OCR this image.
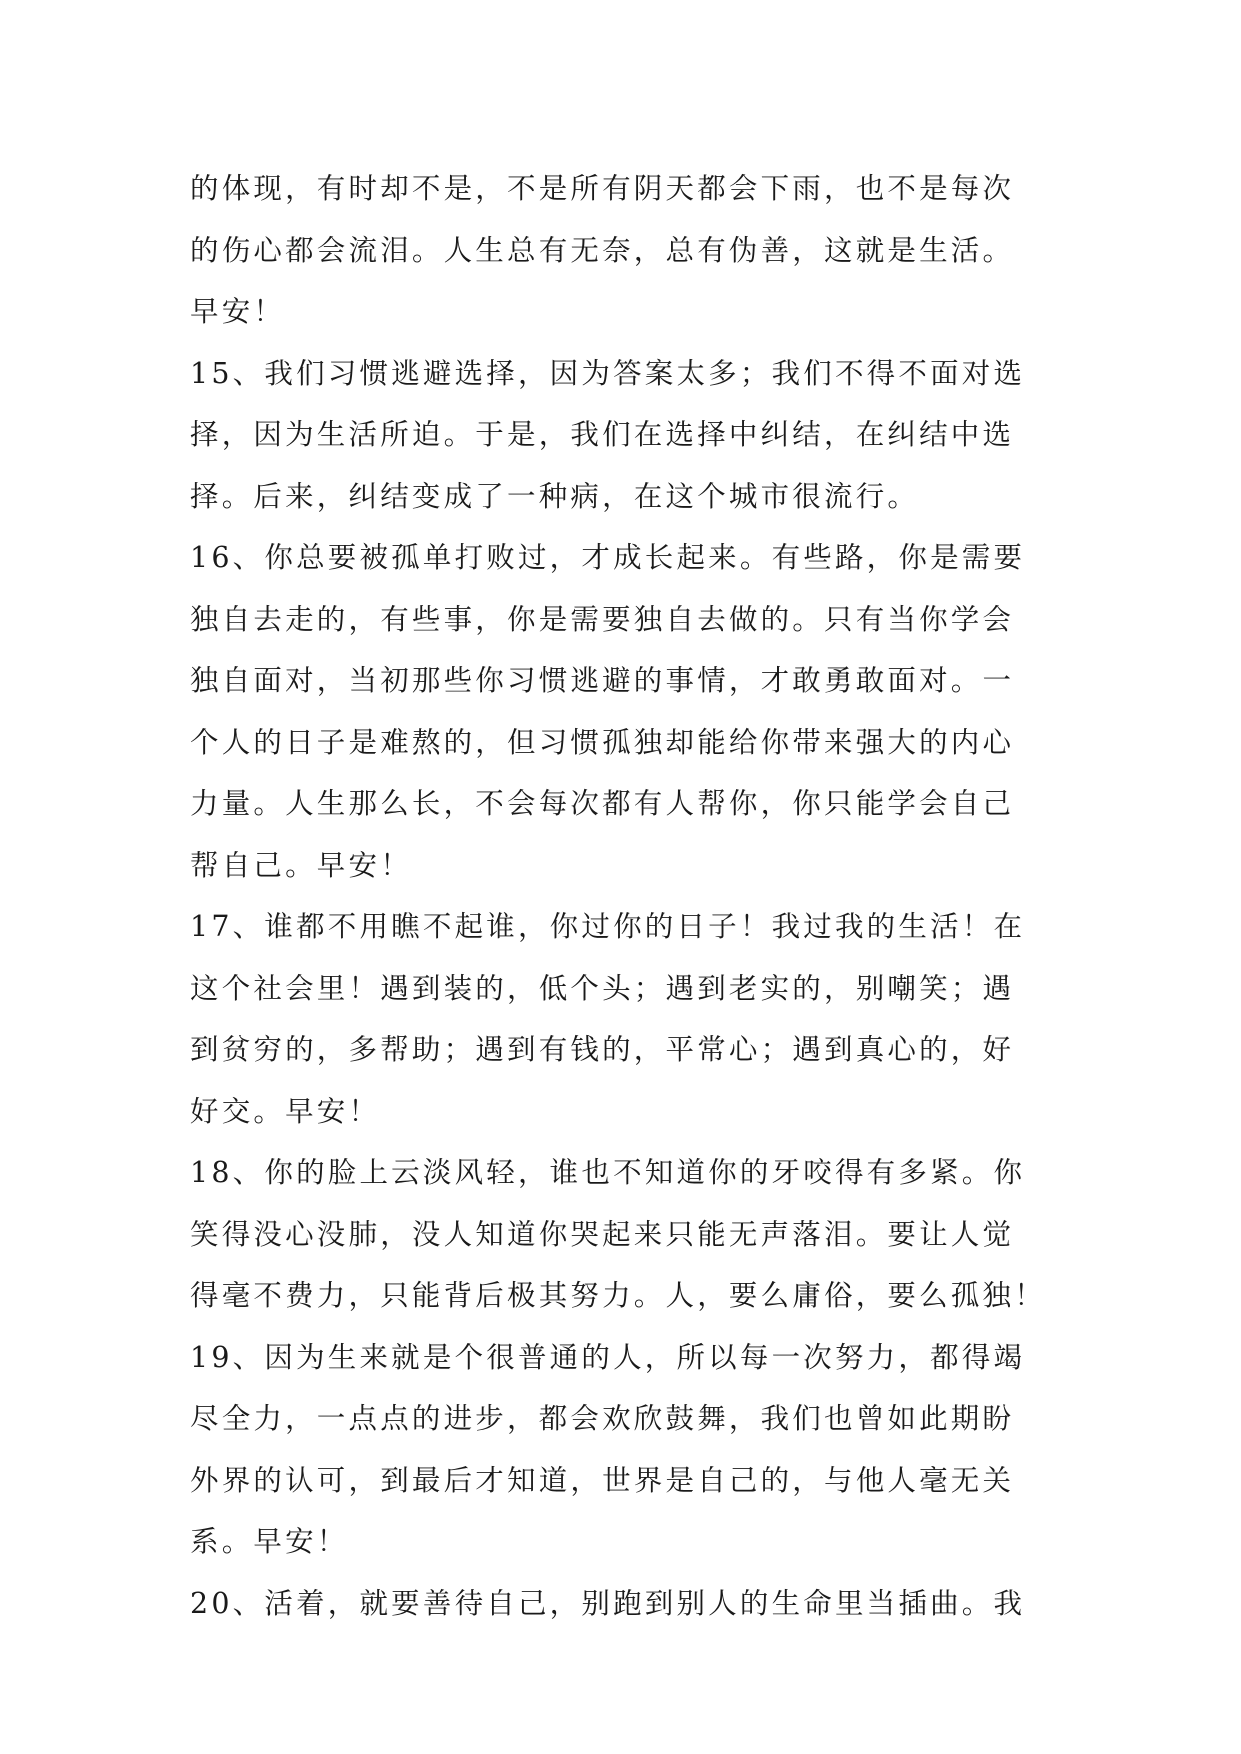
的体现，有时却不是，不是所有阴天都会下雨，也不是每次
的伤心都会流泪。人生总有无奈，总有伪善，这就是生活。
早安！
15、我们习惯逃避选择，因为答案太多；我们不得不面对选
择，因为生活所迫。于是，我们在选择中纠结，在纠结中选
择。后来，纠结变成了一种病，在这个城市很流行。
16、你总要被孤单打败过，才成长起来。有些路，你是需要
独自去走的，有些事，你是需要独自去做的。只有当你学会
独自面对，当初那些你习惯逃避的事情，才敢勇敢面对。一
个人的日子是难熬的，但习惯孤独却能给你带来强大的内心
力量。人生那么长，不会每次都有人帮你，你只能学会自己
帮自己。早安！
17、谁都不用瞧不起谁，你过你的日子！我过我的生活！在
这个社会里！遇到装的，低个头；遇到老实的，别嘲笑；遇
到贫穷的，多帮助；遇到有钱的，平常心；遇到真心的，好
好交。早安！
18、你的脸上云淡风轻，谁也不知道你的牙咬得有多紧。你
笑得没心没肺，没人知道你哭起来只能无声落泪。要让人觉
得毫不费力，只能背后极其努力。人，要么庸俗，要么孤独！
19、因为生来就是个很普通的人，所以每一次努力，都得竭
尽全力，一点点的进步，都会欢欣鼓舞，我们也曾如此期盼
外界的认可，到最后才知道，世界是自己的，与他人毫无关
系。早安！
20、活着，就要善待自己，别跑到别人的生命里当插曲。我
